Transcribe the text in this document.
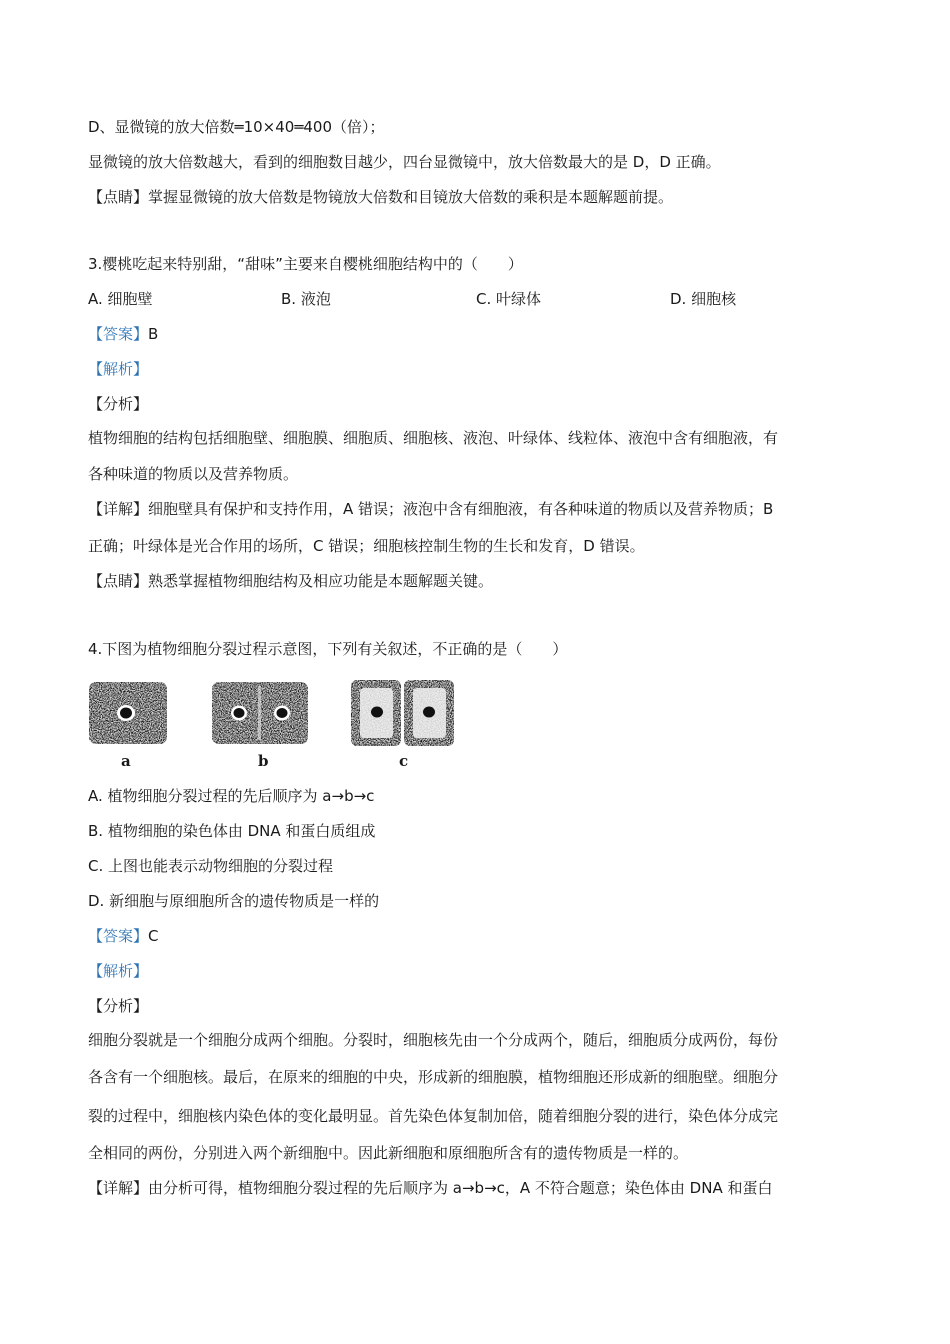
D、显微镜的放大倍数═10×40═400（倍）；
显微镜的放大倍数越大，看到的细胞数目越少，四台显微镜中，放大倍数最大的是 D，D 正确。
【点睛】掌握显微镜的放大倍数是物镜放大倍数和目镜放大倍数的乘积是本题解题前提。
3.樱桃吃起来特别甜，“甜味”主要来自樱桃细胞结构中的（　　）
A. 细胞壁	B. 液泡	C. 叶绿体	D. 细胞核
【答案】B
【解析】
【分析】
植物细胞的结构包括细胞壁、细胞膜、细胞质、细胞核、液泡、叶绿体、线粒体、液泡中含有细胞液，有
各种味道的物质以及营养物质。
【详解】细胞壁具有保护和支持作用，A 错误；液泡中含有细胞液，有各种味道的物质以及营养物质；B
正确；叶绿体是光合作用的场所，C 错误；细胞核控制生物的生长和发育，D 错误。
【点睛】熟悉掌握植物细胞结构及相应功能是本题解题关键。
4.下图为植物细胞分裂过程示意图，下列有关叙述，不正确的是（　　）
a	b	c
A. 植物细胞分裂过程的先后顺序为 a→b→c
B. 植物细胞的染色体由 DNA 和蛋白质组成
C. 上图也能表示动物细胞的分裂过程
D. 新细胞与原细胞所含的遗传物质是一样的
【答案】C
【解析】
【分析】
细胞分裂就是一个细胞分成两个细胞。分裂时，细胞核先由一个分成两个，随后，细胞质分成两份，每份
各含有一个细胞核。最后，在原来的细胞的中央，形成新的细胞膜，植物细胞还形成新的细胞壁。细胞分
裂的过程中，细胞核内染色体的变化最明显。首先染色体复制加倍，随着细胞分裂的进行，染色体分成完
全相同的两份，分别进入两个新细胞中。因此新细胞和原细胞所含有的遗传物质是一样的。
【详解】由分析可得，植物细胞分裂过程的先后顺序为 a→b→c，A 不符合题意；染色体由 DNA 和蛋白
